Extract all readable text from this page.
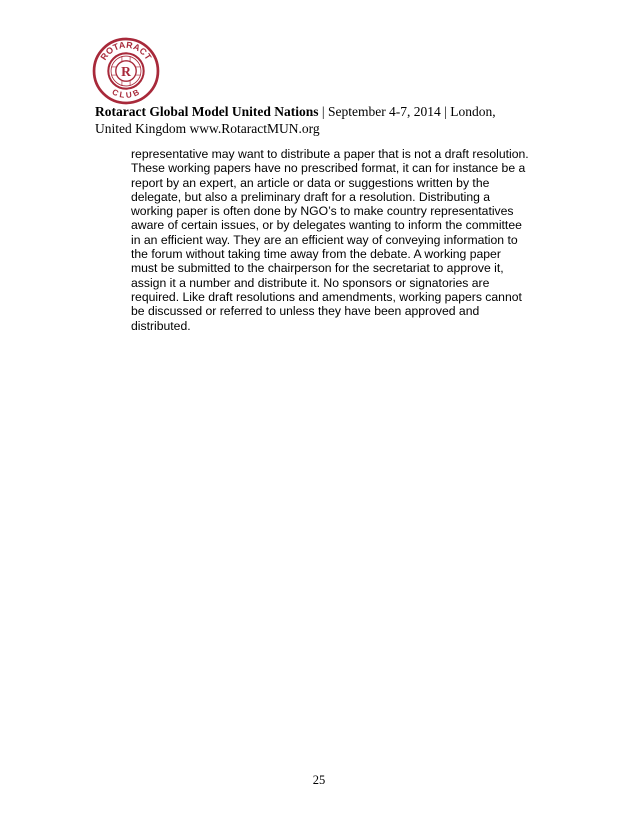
R
ROTARACT
CLUB
Rotaract Global Model United Nations | September 4-7, 2014 | London, United Kingdom www.RotaractMUN.org
representative may want to distribute a paper that is not a draft resolution.
These working papers have no prescribed format, it can for instance be a
report by an expert, an article or data or suggestions written by the
delegate, but also a preliminary draft for a resolution. Distributing a
working paper is often done by NGO’s to make country representatives
aware of certain issues, or by delegates wanting to inform the committee
in an efficient way. They are an efficient way of conveying information to
the forum without taking time away from the debate. A working paper
must be submitted to the chairperson for the secretariat to approve it,
assign it a number and distribute it. No sponsors or signatories are
required. Like draft resolutions and amendments, working papers cannot
be discussed or referred to unless they have been approved and
distributed.
25
